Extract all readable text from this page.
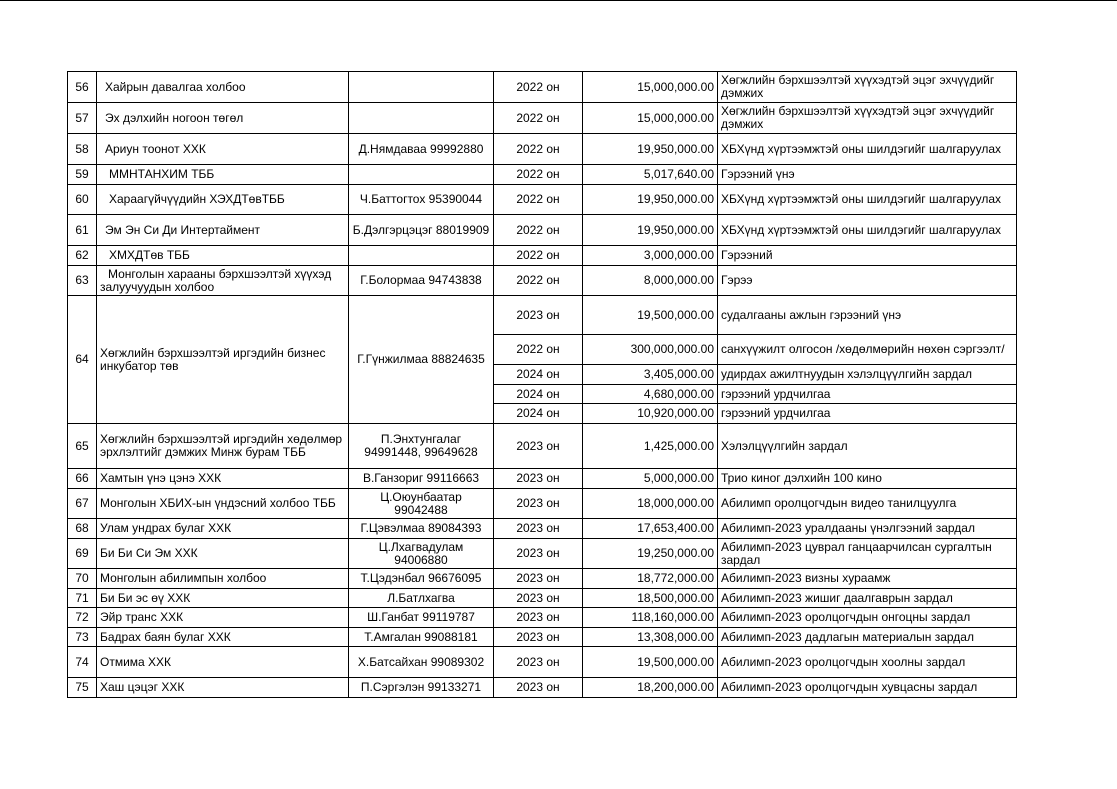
56	Хайрын давалгаа холбоо		2022 он	15,000,000.00	Хөгжлийн бэрхшээлтэй хүүхэдтэй эцэг эхчүүдийг дэмжих
57	Эх дэлхийн ногоон төгөл		2022 он	15,000,000.00	Хөгжлийн бэрхшээлтэй хүүхэдтэй эцэг эхчүүдийг дэмжих
58	Ариун тоонот ХХК	Д.Нямдаваа 99992880	2022 он	19,950,000.00	ХБХүнд хүртээмжтэй оны шилдэгийг шалгаруулах
59	ММНТАНХИМ ТББ		2022 он	5,017,640.00	Гэрээний үнэ
60	Хараагүйчүүдийн ХЭХДТөвТББ	Ч.Баттогтох 95390044	2022 он	19,950,000.00	ХБХүнд хүртээмжтэй оны шилдэгийг шалгаруулах
61	Эм Эн Си Ди Интертаймент	Б.Дэлгэрцэцэг 88019909	2022 он	19,950,000.00	ХБХүнд хүртээмжтэй оны шилдэгийг шалгаруулах
62	ХМХДТөв ТББ		2022 он	3,000,000.00	Гэрээний
63	Монголын харааны бэрхшээлтэй хүүхэд залуучуудын холбоо	Г.Болормаа 94743838	2022 он	8,000,000.00	Гэрээ
64	Хөгжлийн бэрхшээлтэй иргэдийн бизнес инкубатор төв	Г.Гүнжилмаа 88824635	2023 он	19,500,000.00	судалгааны ажлын гэрээний үнэ
			2022 он	300,000,000.00	санхүүжилт олгосон /хөдөлмөрийн нөхөн сэргээлт/
			2024 он	3,405,000.00	удирдах ажилтнуудын хэлэлцүүлгийн зардал
			2024 он	4,680,000.00	гэрээний урдчилгаа
			2024 он	10,920,000.00	гэрээний урдчилгаа
65	Хөгжлийн бэрхшээлтэй иргэдийн хөдөлмөр эрхлэлтийг дэмжих Минж бурам ТББ	П.Энхтунгалаг 94991448, 99649628	2023 он	1,425,000.00	Хэлэлцүүлгийн зардал
66	Хамтын үнэ цэнэ ХХК	В.Ганзориг 99116663	2023 он	5,000,000.00	Трио киног дэлхийн 100 кино
67	Монголын ХБИХ-ын үндэсний холбоо ТББ	Ц.Оюунбаатар 99042488	2023 он	18,000,000.00	Абилимп оролцогчдын видео танилцуулга
68	Улам ундрах булаг ХХК	Г.Цэвэлмаа 89084393	2023 он	17,653,400.00	Абилимп-2023 уралдааны үнэлгээний зардал
69	Би Би Си Эм ХХК	Ц.Лхагвадулам 94006880	2023 он	19,250,000.00	Абилимп-2023 цуврал ганцаарчилсан сургалтын зардал
70	Монголын абилимпын холбоо	Т.Цэдэнбал 96676095	2023 он	18,772,000.00	Абилимп-2023 визны хураамж
71	Би Би эс өү ХХК	Л.Батлхагва	2023 он	18,500,000.00	Абилимп-2023 жишиг даалгаврын зардал
72	Эйр транс ХХК	Ш.Ганбат 99119787	2023 он	118,160,000.00	Абилимп-2023 оролцогчдын онгоцны зардал
73	Бадрах баян булаг ХХК	Т.Амгалан 99088181	2023 он	13,308,000.00	Абилимп-2023 дадлагын материалын зардал
74	Отмима ХХК	Х.Батсайхан 99089302	2023 он	19,500,000.00	Абилимп-2023 оролцогчдын хоолны зардал
75	Хаш цэцэг ХХК	П.Сэргэлэн 99133271	2023 он	18,200,000.00	Абилимп-2023 оролцогчдын хувцасны зардал
